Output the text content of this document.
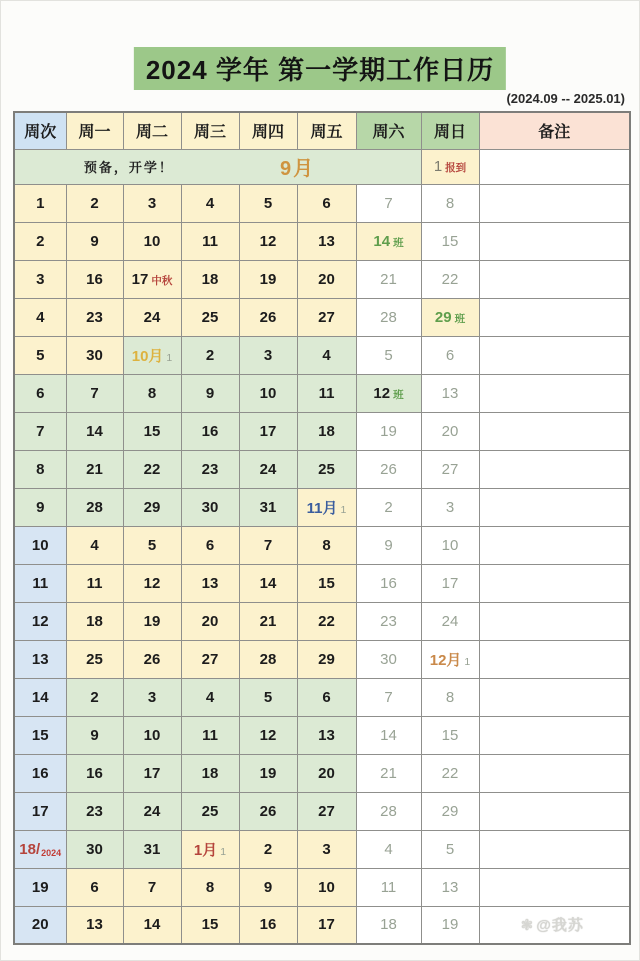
2024 学年 第一学期工作日历
(2024.09 -- 2025.01)
周次	周一	周二	周三	周四	周五	周六	周日	备注

预备，开学！ 9月							1 报到	
1	2	3	4	5	6	7	8	
2	9	10	11	12	13	14 班	15	
3	16	17 中秋	18	19	20	21	22	
4	23	24	25	26	27	28	29 班	
5	30	10月 1	2	3	4	5	6	
6	7	8	9	10	11	12 班	13	
7	14	15	16	17	18	19	20	
8	21	22	23	24	25	26	27	
9	28	29	30	31	11月 1	2	3	
10	4	5	6	7	8	9	10	
11	11	12	13	14	15	16	17	
12	18	19	20	21	22	23	24	
13	25	26	27	28	29	30	12月 1	
14	2	3	4	5	6	7	8	
15	9	10	11	12	13	14	15	
16	16	17	18	19	20	21	22	
17	23	24	25	26	27	28	29	
$18/_{2024}$	30	31	1月 1	2	3	4	5	
19	6	7	8	9	10	11	13	
20	13	14	15	16	17	18	19	❃ @我苏
